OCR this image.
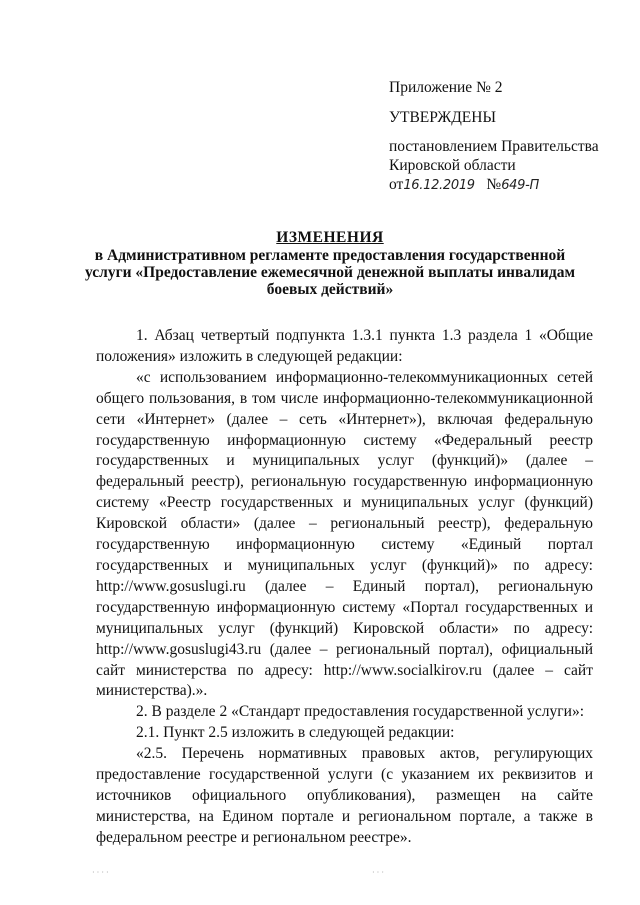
Приложение № 2
УТВЕРЖДЕНЫ
постановлением Правительства
Кировской области
от16.12.2019 №649-П
ИЗМЕНЕНИЯ
в Административном регламенте предоставления государственной
услуги «Предоставление ежемесячной денежной выплаты инвалидам
боевых действий»

1. Абзац четвертый подпункта 1.3.1 пункта 1.3 раздела 1 «Общие положения» изложить в следующей редакции:

«с использованием информационно-телекоммуникационных сетей общего пользования, в том числе информационно-телекоммуникационной сети «Интернет» (далее – сеть «Интернет»), включая федеральную государственную информационную систему «Федеральный реестр государственных и муниципальных услуг (функций)» (далее – федеральный реестр), региональную государственную информационную систему «Реестр государственных и муниципальных услуг (функций) Кировской области» (далее – региональный реестр), федеральную государственную информационную систему «Единый портал государственных и муниципальных услуг (функций)» по адресу: http://www.gosuslugi.ru (далее – Единый портал), региональную государственную информационную систему «Портал государственных и муниципальных услуг (функций) Кировской области» по адресу: http://www.gosuslugi43.ru (далее – региональный портал), официальный сайт министерства по адресу: http://www.socialkirov.ru (далее – сайт министерства).».

2. В разделе 2 «Стандарт предоставления государственной услуги»:

2.1. Пункт 2.5 изложить в следующей редакции:

«2.5. Перечень нормативных правовых актов, регулирующих предоставление государственной услуги (с указанием их реквизитов и источников официального опубликования), размещен на сайте министерства, на Едином портале и региональном портале, а также в федеральном реестре и региональном реестре».

· · · ·	· · ·
